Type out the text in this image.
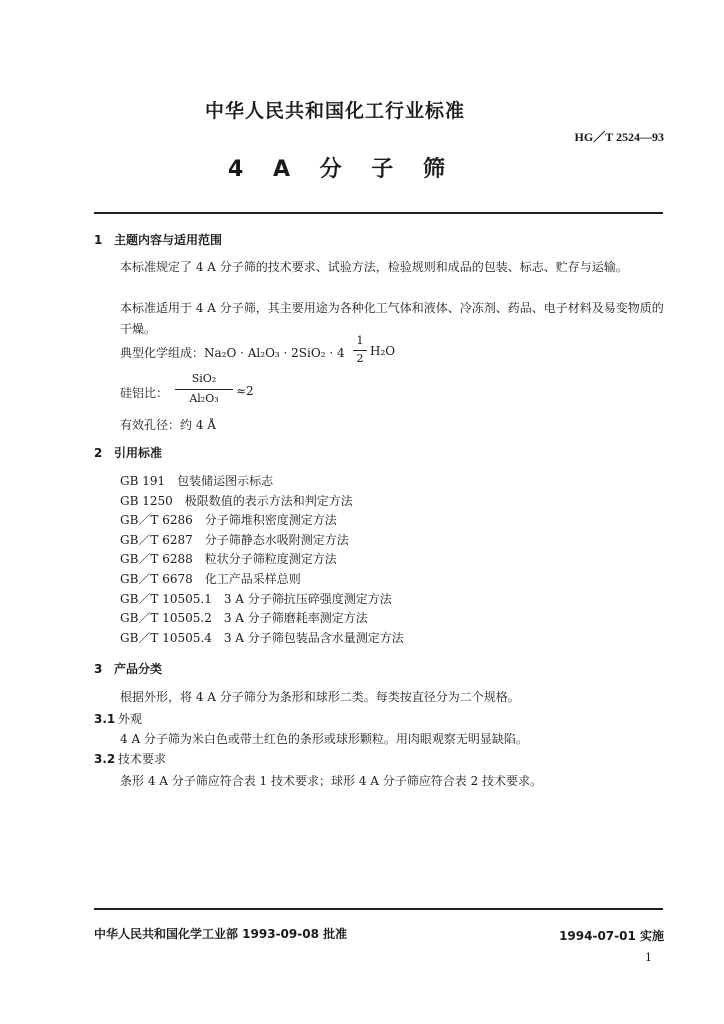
中华人民共和国化工行业标准
HG／T 2524—93
4 A 分 子 筛
1 主题内容与适用范围
本标准规定了 4 A 分子筛的技术要求、试验方法，检验规则和成品的包装、标志、贮存与运输。
本标准适用于 4 A 分子筛，其主要用途为各种化工气体和液体、冷冻剂、药品、电子材料及易变物质的干燥。
典型化学组成：Na₂O · Al₂O₃ · 2SiO₂ · 4
1
2
H₂O
硅铝比：
SiO₂
Al₂O₃
≈2
有效孔径：约 4 Å
2 引用标准
GB 191 包装储运图示标志
GB 1250 极限数值的表示方法和判定方法
GB／T 6286 分子筛堆积密度测定方法
GB／T 6287 分子筛静态水吸附测定方法
GB／T 6288 粒状分子筛粒度测定方法
GB／T 6678 化工产品采样总则
GB／T 10505.1 3 A 分子筛抗压碎强度测定方法
GB／T 10505.2 3 A 分子筛磨耗率测定方法
GB／T 10505.4 3 A 分子筛包装品含水量测定方法
3 产品分类
根据外形，将 4 A 分子筛分为条形和球形二类。每类按直径分为二个规格。
3.1 外观
4 A 分子筛为米白色或带土红色的条形或球形颗粒。用肉眼观察无明显缺陷。
3.2 技术要求
条形 4 A 分子筛应符合表 1 技术要求；球形 4 A 分子筛应符合表 2 技术要求。
中华人民共和国化学工业部 1993-09-08 批准	1994-07-01 实施
1
